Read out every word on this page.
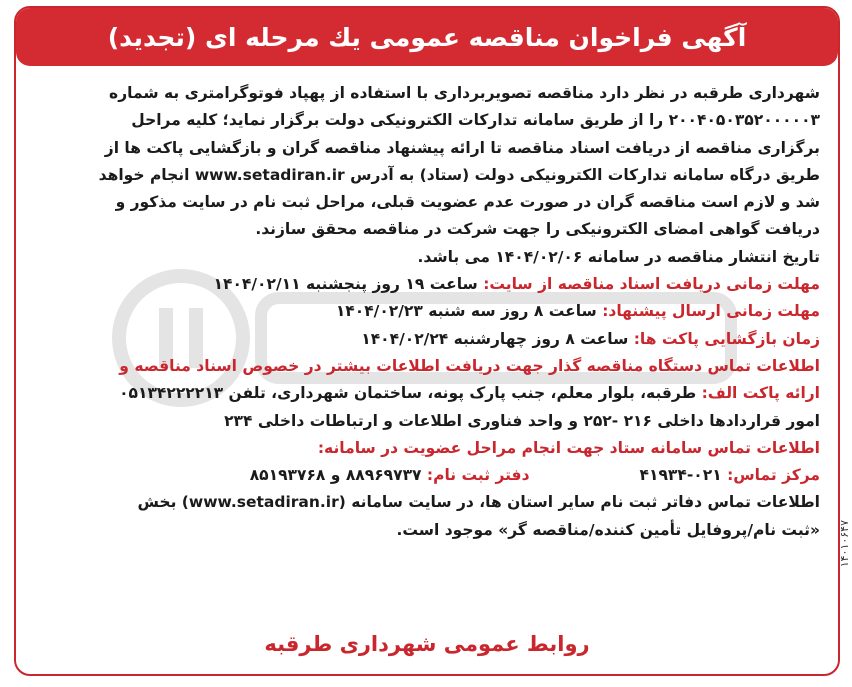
آگهی فراخوان مناقصه عمومی یك مرحله ای (تجدید)
شهرداری طرقبه در نظر دارد مناقصه تصویربرداری با استفاده از پهپاد فوتوگرامتری به شماره
۲۰۰۴۰۵۰۳۵۲۰۰۰۰۰۳ را از طریق سامانه تدارکات الکترونیکی دولت برگزار نماید؛ کلیه مراحل
برگزاری مناقصه از دریافت اسناد مناقصه تا ارائه پیشنهاد مناقصه گران و بازگشایی پاکت ها از
طریق درگاه سامانه تدارکات الکترونیکی دولت (ستاد) به آدرس www.setadiran.ir انجام خواهد
شد و لازم است مناقصه گران در صورت عدم عضویت قبلی، مراحل ثبت نام در سایت مذکور و
دریافت گواهی امضای الکترونیکی را جهت شرکت در مناقصه محقق سازند.
تاریخ انتشار مناقصه در سامانه ۱۴۰۴/۰۲/۰۶ می باشد.
مهلت زمانی دریافت اسناد مناقصه از سایت: ساعت ۱۹ روز پنجشنبه ۱۴۰۴/۰۲/۱۱
مهلت زمانی ارسال پیشنهاد: ساعت ۸ روز سه شنبه ۱۴۰۴/۰۲/۲۳
زمان بازگشایی پاکت ها: ساعت ۸ روز چهارشنبه ۱۴۰۴/۰۲/۲۴
اطلاعات تماس دستگاه مناقصه گذار جهت دریافت اطلاعات بیشتر در خصوص اسناد مناقصه و
ارائه پاکت الف: طرقبه، بلوار معلم، جنب پارک پونه، ساختمان شهرداری، تلفن ۰۵۱۳۴۲۲۲۲۱۳
امور قراردادها داخلی ۲۱۶ -۲۵۲ و واحد فناوری اطلاعات و ارتباطات داخلی ۲۳۴
اطلاعات تماس سامانه ستاد جهت انجام مراحل عضویت در سامانه:
مرکز تماس: ۰۲۱-۴۱۹۳۴
دفتر ثبت نام: ۸۸۹۶۹۷۳۷ و ۸۵۱۹۳۷۶۸
اطلاعات تماس دفاتر ثبت نام سایر استان ها، در سایت سامانه (www.setadiran.ir) بخش
«ثبت نام/پروفایل تأمین کننده/مناقصه گر» موجود است.
روابط عمومی شهرداری طرقبه
۱۴۰۱۰۶۴۷
